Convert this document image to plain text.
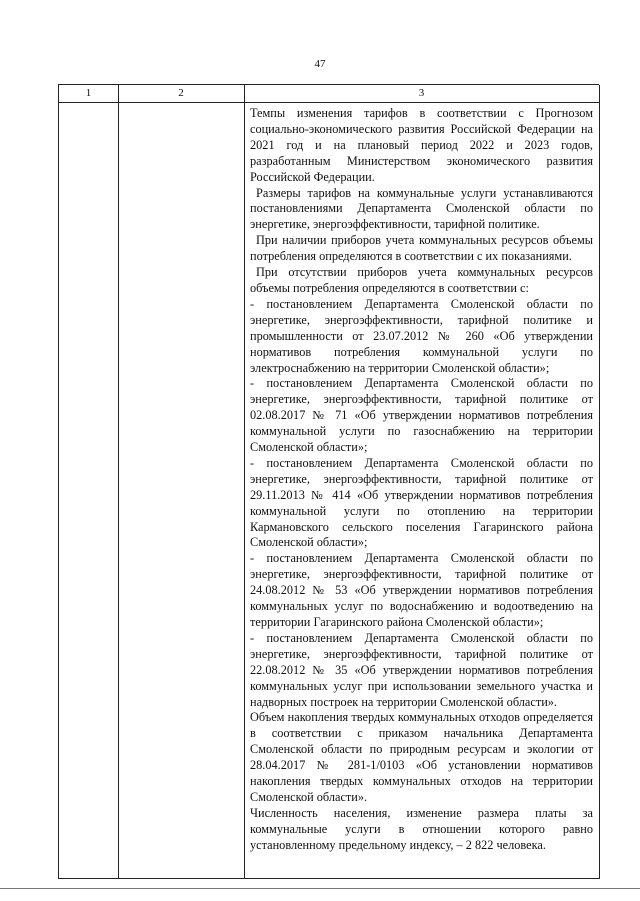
47
1	2	3

Темпы изменения тарифов в соответствии с Прогнозом социально-экономического развития Российской Федерации на 2021 год и на плановый период 2022 и 2023 годов, разработанным Министерством экономического развития Российской Федерации.

Размеры тарифов на коммунальные услуги устанавливаются постановлениями Департамента Смоленской области по энергетике, энергоэффективности, тарифной политике.

При наличии приборов учета коммунальных ресурсов объемы потребления определяются в соответствии с их показаниями.

При отсутствии приборов учета коммунальных ресурсов объемы потребления определяются в соответствии с:

- постановлением Департамента Смоленской области по энергетике, энергоэффективности, тарифной политике и промышленности от 23.07.2012 № 260 «Об утверждении нормативов потребления коммунальной услуги по электроснабжению на территории Смоленской области»;

- постановлением Департамента Смоленской области по энергетике, энергоэффективности, тарифной политике от 02.08.2017 № 71 «Об утверждении нормативов потребления коммунальной услуги по газоснабжению на территории Смоленской области»;

- постановлением Департамента Смоленской области по энергетике, энергоэффективности, тарифной политике от 29.11.2013 № 414 «Об утверждении нормативов потребления коммунальной услуги по отоплению на территории Кармановского сельского поселения Гагаринского района Смоленской области»;

- постановлением Департамента Смоленской области по энергетике, энергоэффективности, тарифной политике от 24.08.2012 № 53 «Об утверждении нормативов потребления коммунальных услуг по водоснабжению и водоотведению на территории Гагаринского района Смоленской области»;

- постановлением Департамента Смоленской области по энергетике, энергоэффективности, тарифной политике от 22.08.2012 № 35 «Об утверждении нормативов потребления коммунальных услуг при использовании земельного участка и надворных построек на территории Смоленской области».

Объем накопления твердых коммунальных отходов определяется в соответствии с приказом начальника Департамента Смоленской области по природным ресурсам и экологии от 28.04.2017 № 281-1/0103 «Об установлении нормативов накопления твердых коммунальных отходов на территории Смоленской области».

Численность населения, изменение размера платы за коммунальные услуги в отношении которого равно установленному предельному индексу, – 2 822 человека.
